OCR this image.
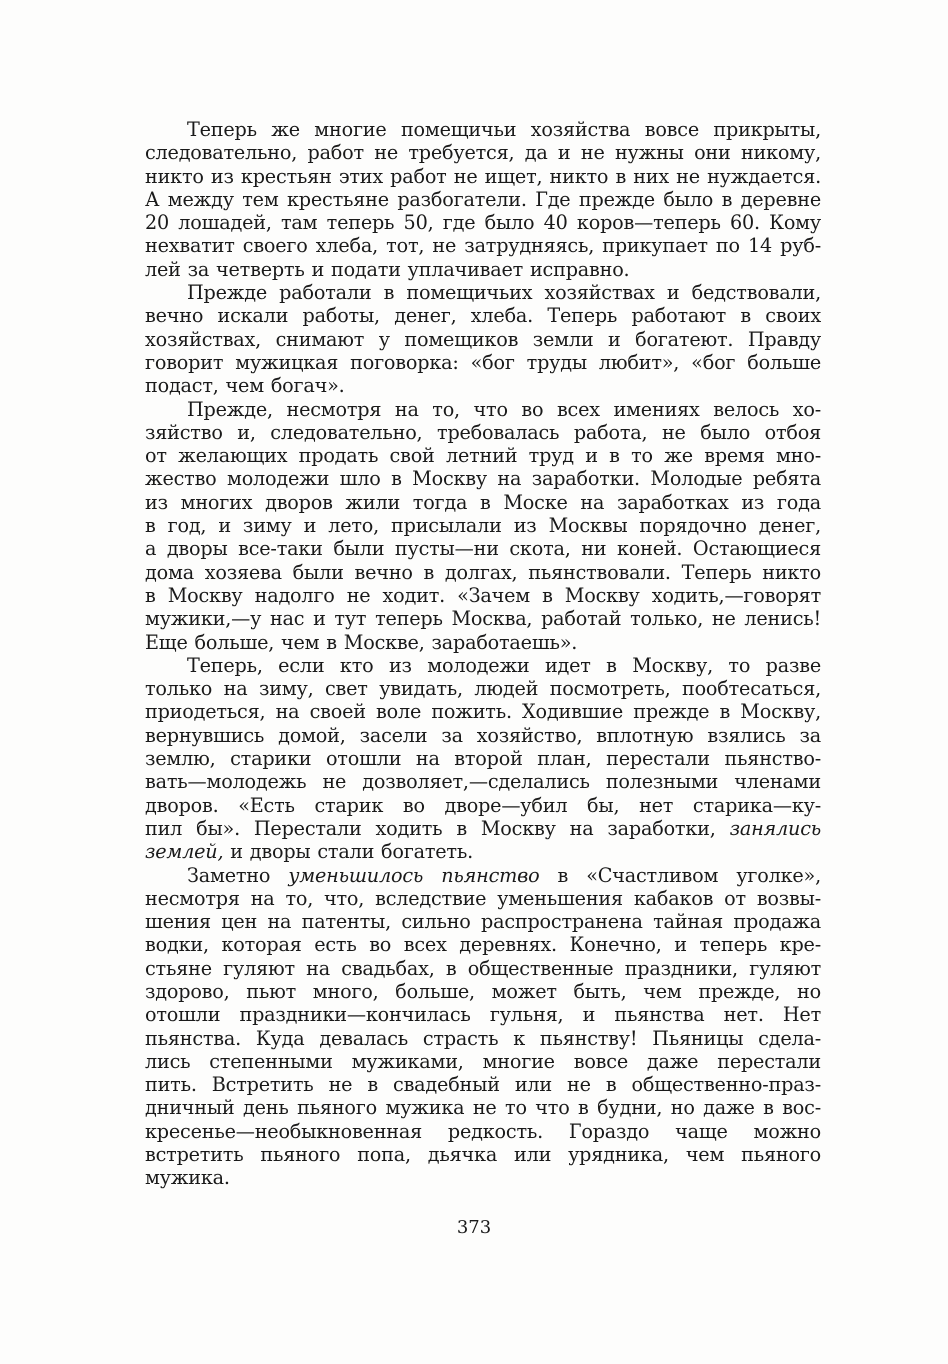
Теперь же многие помещичьи хозяйства вовсе прикрыты,
следовательно, работ не требуется, да и не нужны они никому,
никто из крестьян этих работ не ищет, никто в них не нуждается.
А между тем крестьяне разбогатели. Где прежде было в деревне
20 лошадей, там теперь 50, где было 40 коров—теперь 60. Кому
нехватит своего хлеба, тот, не затрудняясь, прикупает по 14 руб-
лей за четверть и подати уплачивает исправно.
Прежде работали в помещичьих хозяйствах и бедствовали,
вечно искали работы, денег, хлеба. Теперь работают в своих
хозяйствах, снимают у помещиков земли и богатеют. Правду
говорит мужицкая поговорка: «бог труды любит», «бог больше
подаст, чем богач».
Прежде, несмотря на то, что во всех имениях велось хо-
зяйство и, следовательно, требовалась работа, не было отбоя
от желающих продать свой летний труд и в то же время мно-
жество молодежи шло в Москву на заработки. Молодые ребята
из многих дворов жили тогда в Моске на заработках из года
в год, и зиму и лето, присылали из Москвы порядочно денег,
а дворы все-таки были пусты—ни скота, ни коней. Остающиеся
дома хозяева были вечно в долгах, пьянствовали. Теперь никто
в Москву надолго не ходит. «Зачем в Москву ходить,—говорят
мужики,—у нас и тут теперь Москва, работай только, не ленись!
Еще больше, чем в Москве, заработаешь».
Теперь, если кто из молодежи идет в Москву, то разве
только на зиму, свет увидать, людей посмотреть, пообтесаться,
приодеться, на своей воле пожить. Ходившие прежде в Москву,
вернувшись домой, засели за хозяйство, вплотную взялись за
землю, старики отошли на второй план, перестали пьянство-
вать—молодежь не дозволяет,—сделались полезными членами
дворов. «Есть старик во дворе—убил бы, нет старика—ку-
пил бы». Перестали ходить в Москву на заработки, занялись
землей, и дворы стали богатеть.
Заметно уменьшилось пьянство в «Счастливом уголке»,
несмотря на то, что, вследствие уменьшения кабаков от возвы-
шения цен на патенты, сильно распространена тайная продажа
водки, которая есть во всех деревнях. Конечно, и теперь кре-
стьяне гуляют на свадьбах, в общественные праздники, гуляют
здорово, пьют много, больше, может быть, чем прежде, но
отошли праздники—кончилась гульня, и пьянства нет. Нет
пьянства. Куда девалась страсть к пьянству! Пьяницы сдела-
лись степенными мужиками, многие вовсе даже перестали
пить. Встретить не в свадебный или не в общественно-праз-
дничный день пьяного мужика не то что в будни, но даже в вос-
кресенье—необыкновенная редкость. Гораздо чаще можно
встретить пьяного попа, дьячка или урядника, чем пьяного
мужика.
373
